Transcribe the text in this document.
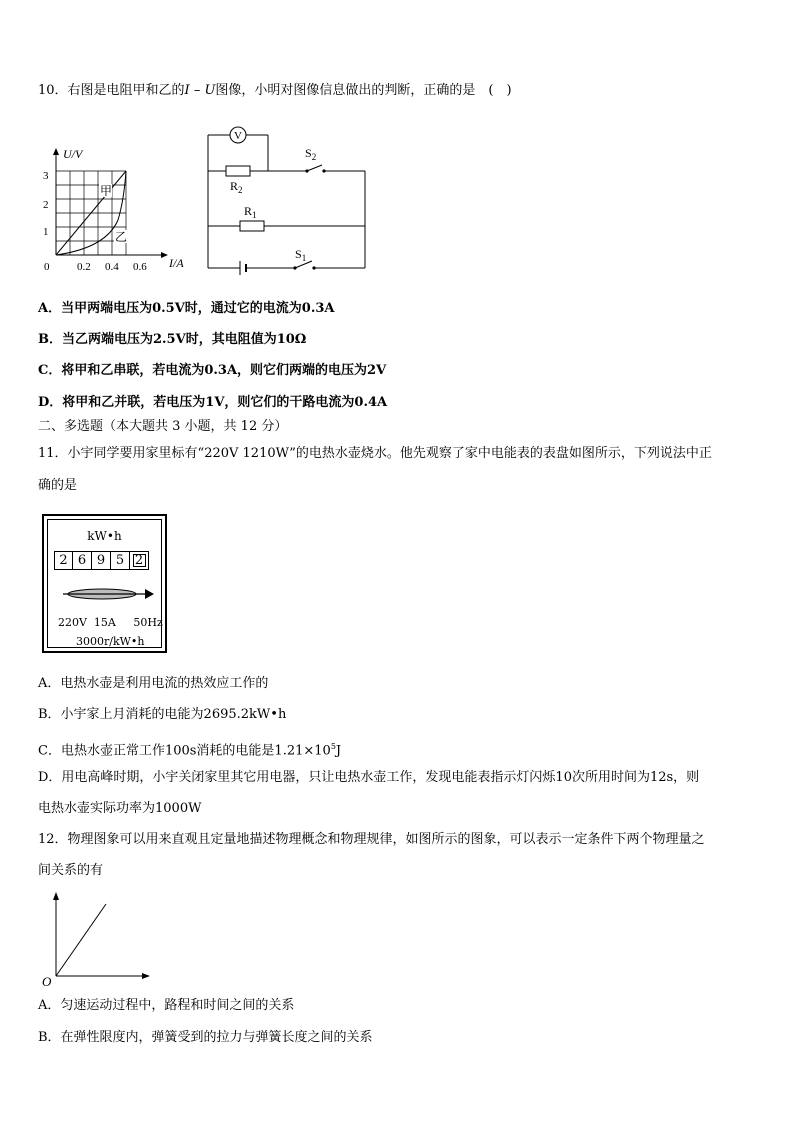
10．右图是电阻甲和乙的I – U图像，小明对图像信息做出的判断，正确的是　(　)
U/V
I/A
0	0.2 0.4 0.6
1
2
3
甲
乙
V
$R_2$
$R_1$
$S_2$
$S_1$
A．当甲两端电压为0.5V时，通过它的电流为0.3A
B．当乙两端电压为2.5V时，其电阻值为10Ω
C．将甲和乙串联，若电流为0.3A，则它们两端的电压为2V
D．将甲和乙并联，若电压为1V，则它们的干路电流为0.4A
二、多选题（本大题共 3 小题，共 12 分）
11．小宇同学要用家里标有“220V 1210W”的电热水壶烧水。他先观察了家中电能表的表盘如图所示，下列说法中正
确的是
kW•h
2 6 9 5 2
220V  15A     50Hz
3000r/kW•h
A．电热水壶是利用电流的热效应工作的
B．小宇家上月消耗的电能为2695.2kW•h
C．电热水壶正常工作100s消耗的电能是$1.21\times 10^5J$
D．用电高峰时期，小宇关闭家里其它用电器，只让电热水壶工作，发现电能表指示灯闪烁10次所用时间为12s，则
电热水壶实际功率为1000W
12．物理图象可以用来直观且定量地描述物理概念和物理规律，如图所示的图象，可以表示一定条件下两个物理量之
间关系的有
O
A．匀速运动过程中，路程和时间之间的关系
B．在弹性限度内，弹簧受到的拉力与弹簧长度之间的关系
